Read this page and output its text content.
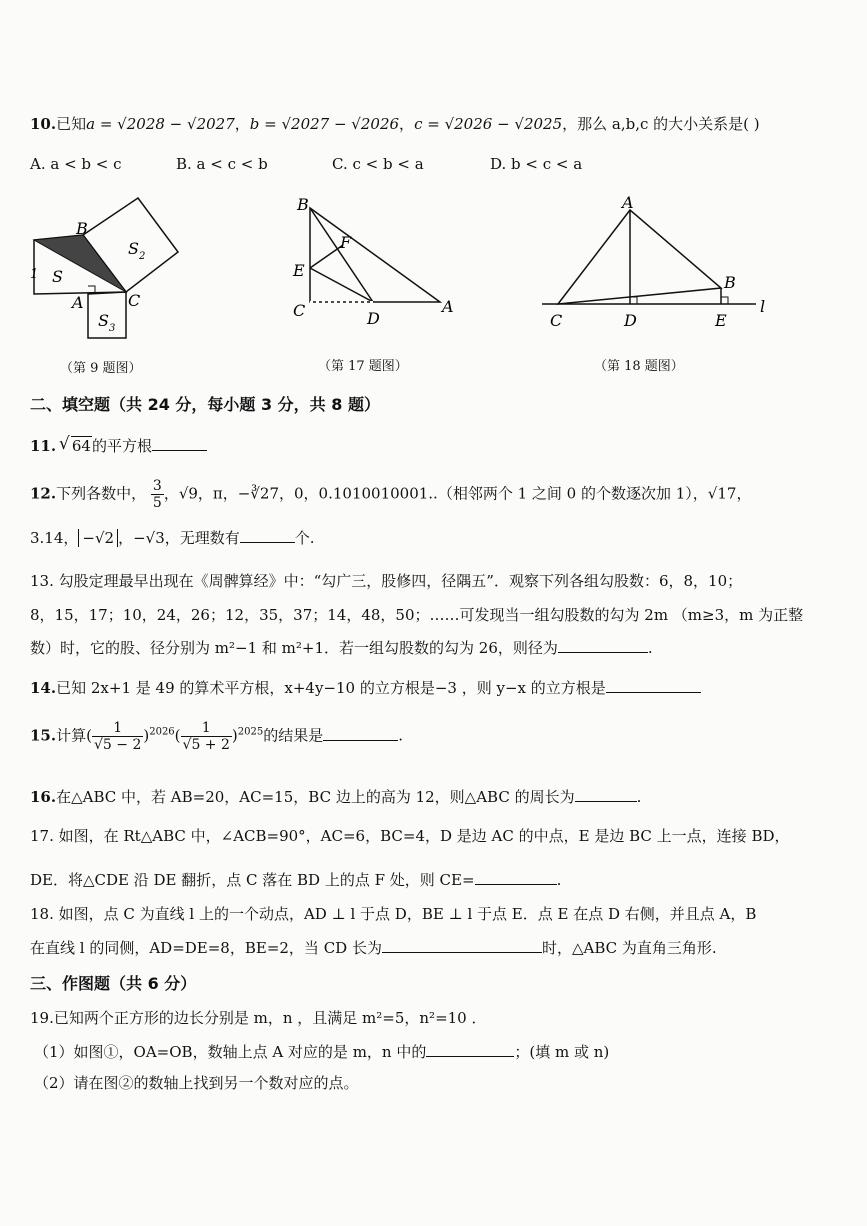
10.已知a = √2028 − √2027，b = √2027 − √2026，c = √2026 − √2025，那么 a,b,c 的大小关系是( )
A. a < b < c	B. a < c < b	C. c < b < a	D. b < c < a
B
S 2
S
1
A	C
S 3
（第 9 题图）
B
F
E
C	D
A
（第 17 题图）
A
B
C	D	E
l
（第 18 题图）
二、填空题（共 24 分，每小题 3 分，共 8 题）
11. √ 64的平方根
12.下列各数中， $\frac{3}{5}$ ，√9，π，−∛27，0，0.1010010001..（相邻两个 1 之间 0 的个数逐次加 1），√17，
3.14， −√2 ，−√3，无理数有	个.
13. 勾股定理最早出现在《周髀算经》中：“勾广三，股修四，径隅五”．观察下列各组勾股数：6，8，10；
8，15，17；10，24，26；12，35，37；14，48，50；……可发现当一组勾股数的勾为 2m （m≥3，m 为正整
数）时，它的股、径分别为 m²−1 和 m²+1．若一组勾股数的勾为 26，则径为	.
14.已知 2x+1 是 49 的算术平方根，x+4y−10 的立方根是−3 ，则 y−x 的立方根是
15.计算( $\frac{1}{√5 - 2} )^{2026}( \frac{1}{√5 + 2} )^{2025}$的结果是	.
16.在△ABC 中，若 AB=20，AC=15，BC 边上的高为 12，则△ABC 的周长为	.
17. 如图，在 Rt△ABC 中，∠ACB=90°，AC=6，BC=4，D 是边 AC 的中点，E 是边 BC 上一点，连接 BD，
DE．将△CDE 沿 DE 翻折，点 C 落在 BD 上的点 F 处，则 CE=	.
18. 如图，点 C 为直线 l 上的一个动点，AD ⊥ l 于点 D，BE ⊥ l 于点 E．点 E 在点 D 右侧，并且点 A，B
在直线 l 的同侧，AD=DE=8，BE=2，当 CD 长为	时，△ABC 为直角三角形.
三、作图题（共 6 分）
19.已知两个正方形的边长分别是 m，n ，且满足 m²=5，n²=10 ．
（1）如图①，OA=OB，数轴上点 A 对应的是 m，n 中的	；(填 m 或 n)
（2）请在图②的数轴上找到另一个数对应的点。
